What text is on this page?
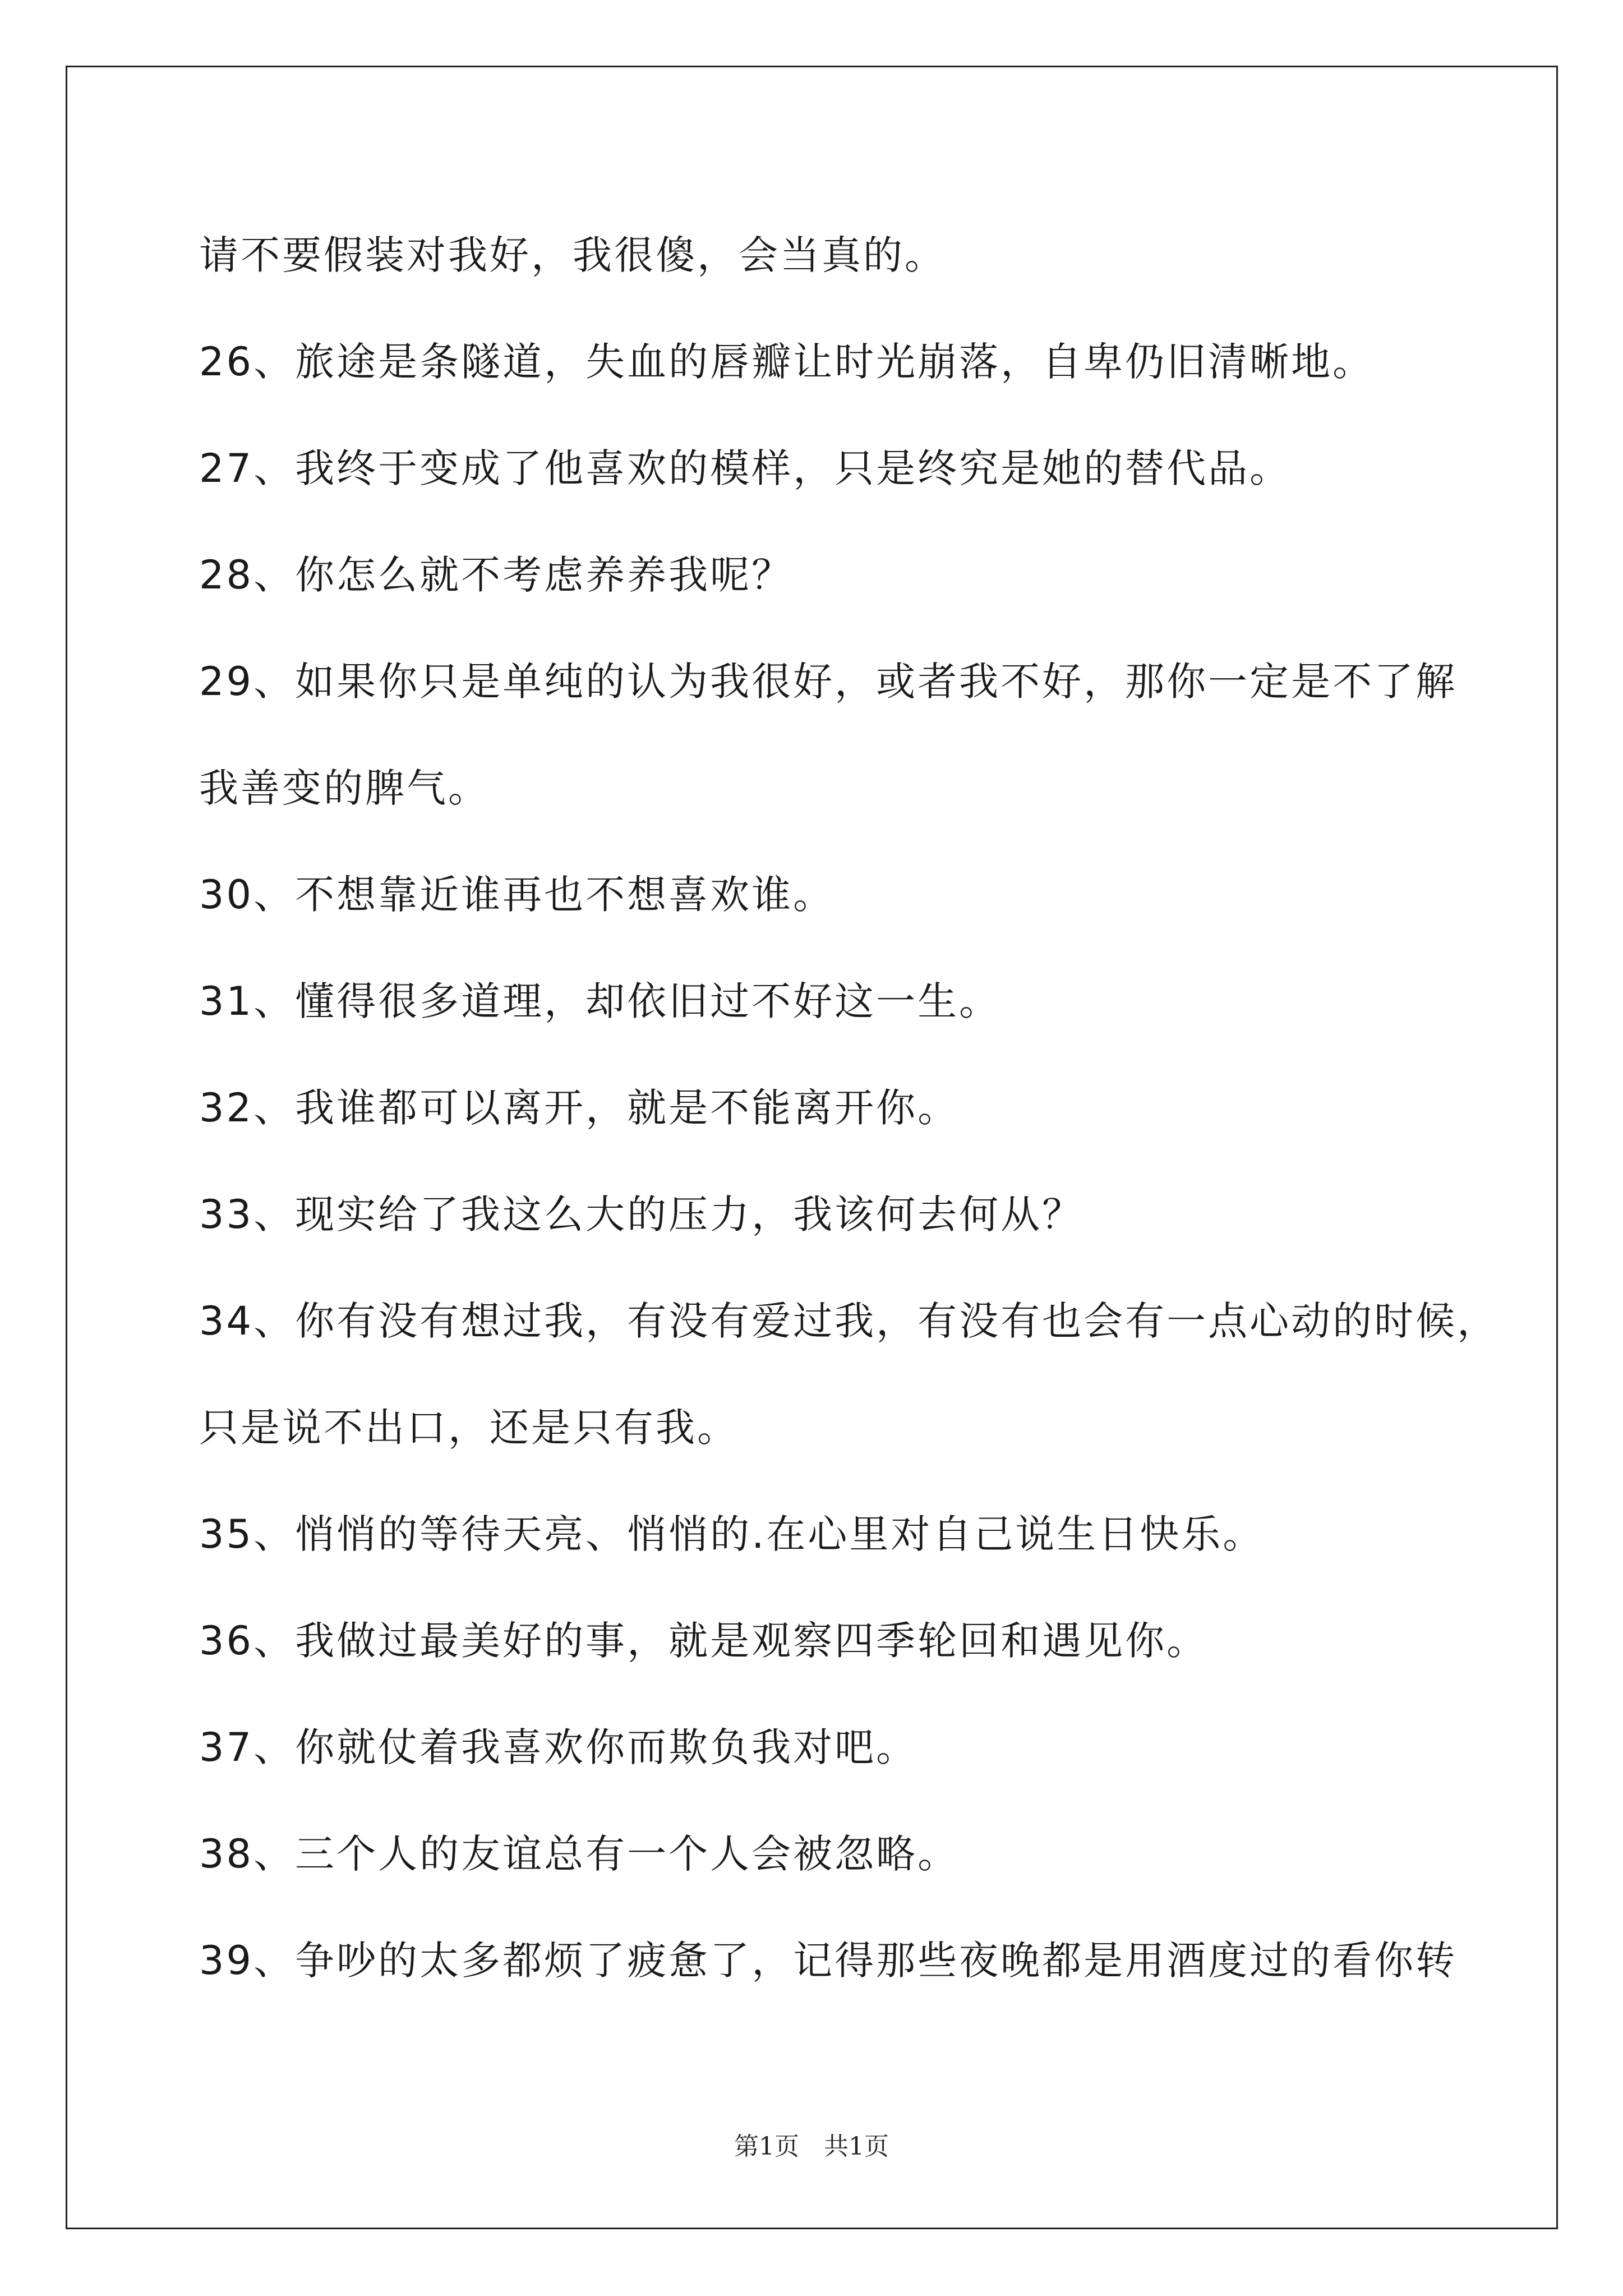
请不要假装对我好，我很傻，会当真的。
26、旅途是条隧道，失血的唇瓣让时光崩落，自卑仍旧清晰地。
27、我终于变成了他喜欢的模样，只是终究是她的替代品。
28、你怎么就不考虑养养我呢？
29、如果你只是单纯的认为我很好，或者我不好，那你一定是不了解
我善变的脾气。
30、不想靠近谁再也不想喜欢谁。
31、懂得很多道理，却依旧过不好这一生。
32、我谁都可以离开，就是不能离开你。
33、现实给了我这么大的压力，我该何去何从？
34、你有没有想过我，有没有爱过我，有没有也会有一点心动的时候，
只是说不出口，还是只有我。
35、悄悄的等待天亮、悄悄的.在心里对自己说生日快乐。
36、我做过最美好的事，就是观察四季轮回和遇见你。
37、你就仗着我喜欢你而欺负我对吧。
38、三个人的友谊总有一个人会被忽略。
39、争吵的太多都烦了疲惫了，记得那些夜晚都是用酒度过的看你转
第1页 共1页
